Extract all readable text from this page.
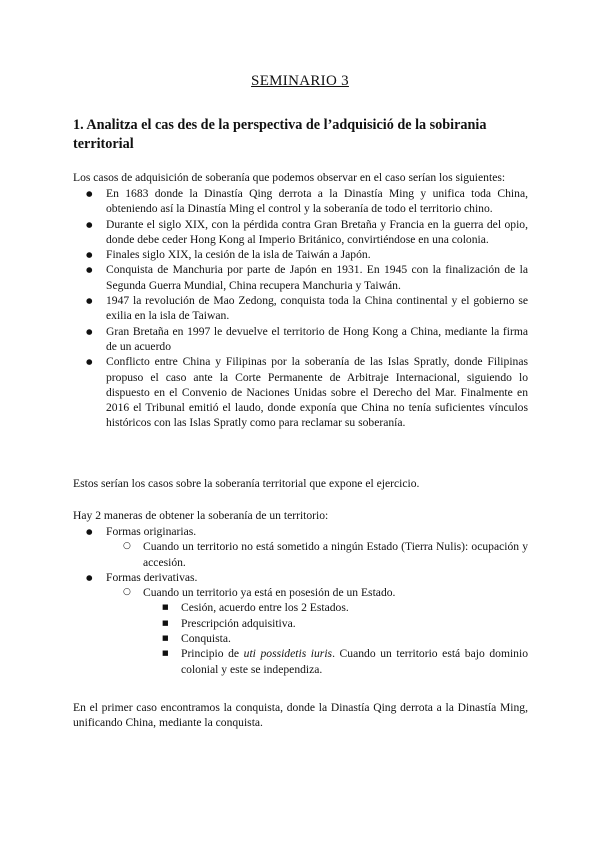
SEMINARIO 3
1. Analitza el cas des de la perspectiva de l’adquisició de la sobirania territorial
Los casos de adquisición de soberanía que podemos observar en el caso serían los siguientes:
● En 1683 donde la Dinastía Qing derrota a la Dinastía Ming y unifica toda China, obteniendo así la Dinastía Ming el control y la soberanía de todo el territorio chino.
● Durante el siglo XIX, con la pérdida contra Gran Bretaña y Francia en la guerra del opio, donde debe ceder Hong Kong al Imperio Británico, convirtiéndose en una colonia.
● Finales siglo XIX, la cesión de la isla de Taiwán a Japón.
● Conquista de Manchuria por parte de Japón en 1931. En 1945 con la finalización de la Segunda Guerra Mundial, China recupera Manchuria y Taiwán.
● 1947 la revolución de Mao Zedong, conquista toda la China continental y el gobierno se exilia en la isla de Taiwan.
● Gran Bretaña en 1997 le devuelve el territorio de Hong Kong a China, mediante la firma de un acuerdo
● Conflicto entre China y Filipinas por la soberanía de las Islas Spratly, donde Filipinas propuso el caso ante la Corte Permanente de Arbitraje Internacional, siguiendo lo dispuesto en el Convenio de Naciones Unidas sobre el Derecho del Mar. Finalmente en 2016 el Tribunal emitió el laudo, donde exponía que China no tenía suficientes vínculos históricos con las Islas Spratly como para reclamar su soberanía.
Estos serían los casos sobre la soberanía territorial que expone el ejercicio.
Hay 2 maneras de obtener la soberanía de un territorio:
● Formas originarias.
○ Cuando un territorio no está sometido a ningún Estado (Tierra Nulis): ocupación y accesión.
● Formas derivativas.
○ Cuando un territorio ya está en posesión de un Estado.
■ Cesión, acuerdo entre los 2 Estados.
■ Prescripción adquisitiva.
■ Conquista.
■ Principio de uti possidetis iuris. Cuando un territorio está bajo dominio colonial y este se independiza.
En el primer caso encontramos la conquista, donde la Dinastía Qing derrota a la Dinastía Ming, unificando China, mediante la conquista.
